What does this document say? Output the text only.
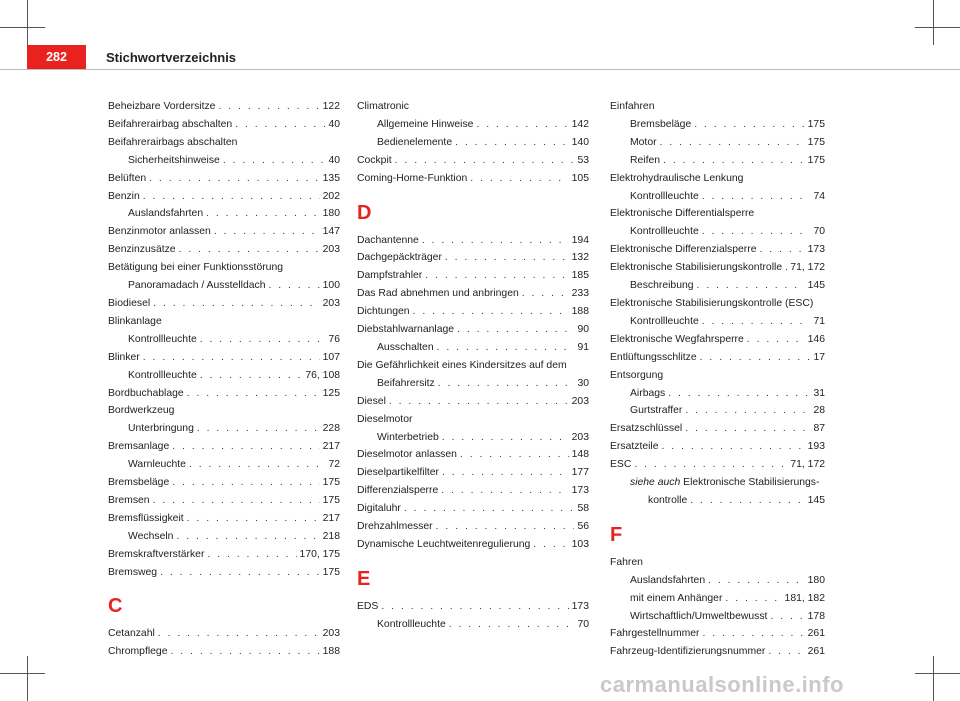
282	Stichwortverzeichnis
Beheizbare Vordersitze . . .	122
Beifahrerairbag abschalten . . .	40
Beifahrerairbags abschalten
Sicherheitshinweise . . .	40
Belüften . . .	135
Benzin . . .	202
Auslandsfahrten . . .	180
Benzinmotor anlassen . . .	147
Benzinzusätze . . .	203
Betätigung bei einer Funktionsstörung
Panoramadach / Ausstelldach . . .	100
Biodiesel . . .	203
Blinkanlage
Kontrollleuchte . . .	76
Blinker . . .	107
Kontrollleuchte . . .	76, 108
Bordbuchablage . . .	125
Bordwerkzeug
Unterbringung . . .	228
Bremsanlage . . .	217
Warnleuchte . . .	72
Bremsbeläge . . .	175
Bremsen . . .	175
Bremsflüssigkeit . . .	217
Wechseln . . .	218
Bremskraftverstärker . . .	170, 175
Bremsweg . . .	175
C
Cetanzahl . . .	203
Chrompflege . . .	188
Climatronic
Allgemeine Hinweise . . .	142
Bedienelemente . . .	140
Cockpit . . .	53
Coming-Home-Funktion . . .	105
D
Dachantenne . . .	194
Dachgepäckträger . . .	132
Dampfstrahler . . .	185
Das Rad abnehmen und anbringen . . .	233
Dichtungen . . .	188
Diebstahlwarnanlage . . .	90
Ausschalten . . .	91
Die Gefährlichkeit eines Kindersitzes auf dem
Beifahrersitz . . .	30
Diesel . . .	203
Dieselmotor
Winterbetrieb . . .	203
Dieselmotor anlassen . . .	148
Dieselpartikelfilter . . .	177
Differenzialsperre . . .	173
Digitaluhr . . .	58
Drehzahlmesser . . .	56
Dynamische Leuchtweitenregulierung . . .	103
E
EDS . . .	173
Kontrollleuchte . . .	70
Einfahren
Bremsbeläge . . .	175
Motor . . .	175
Reifen . . .	175
Elektrohydraulische Lenkung
Kontrollleuchte . . .	74
Elektronische Differentialsperre
Kontrollleuchte . . .	70
Elektronische Differenzialsperre . . .	173
Elektronische Stabilisierungskontrolle . . . 71, 172
Beschreibung . . .	145
Elektronische Stabilisierungskontrolle (ESC)
Kontrollleuchte . . .	71
Elektronische Wegfahrsperre . . .	146
Entlüftungsschlitze . . .	17
Entsorgung
Airbags . . .	31
Gurtstraffer . . .	28
Ersatzschlüssel . . .	87
Ersatzteile . . .	193
ESC . . .	71, 172
siehe auch Elektronische Stabilisierungs-
kontrolle . . .	145
F
Fahren
Auslandsfahrten . . .	180
mit einem Anhänger . . .	181, 182
Wirtschaftlich/Umweltbewusst . . .	178
Fahrgestellnummer . . .	261
Fahrzeug-Identifizierungsnummer . . .	261
carmanualsonline.info
